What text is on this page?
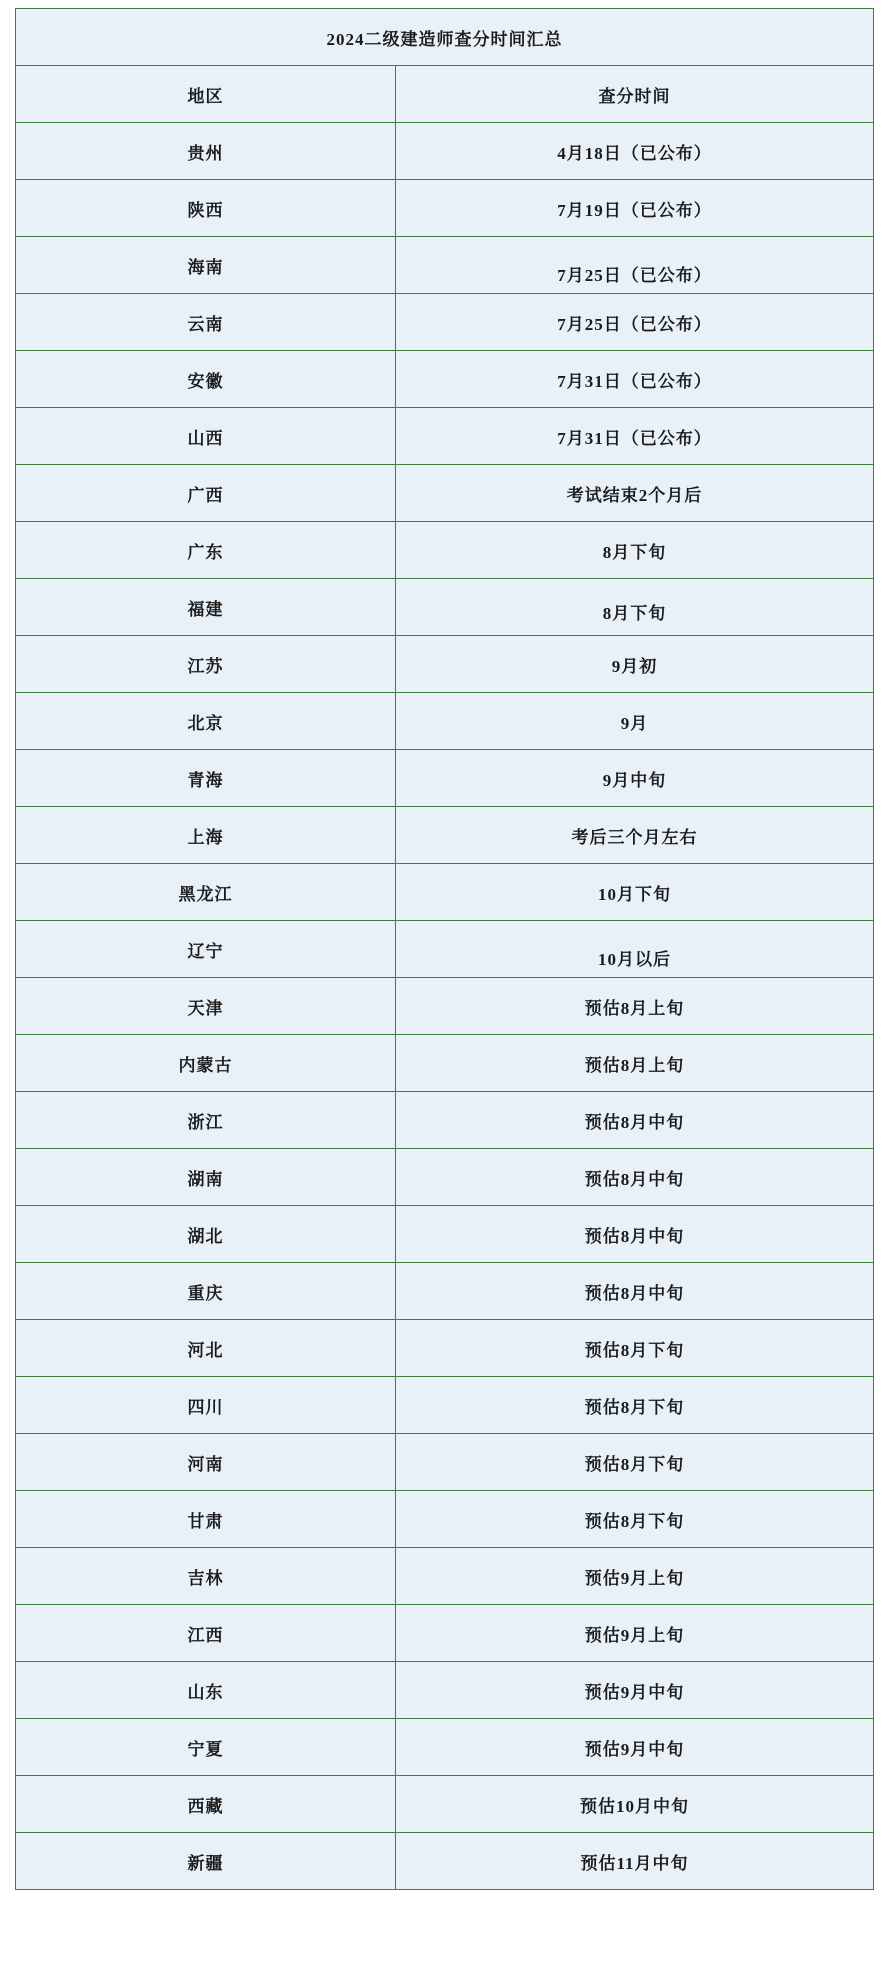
2024二级建造师查分时间汇总	
地区	查分时间
贵州	4月18日（已公布）
陕西	7月19日（已公布）
海南	7月25日（已公布）

云南	7月25日（已公布）
安徽	7月31日（已公布）
山西	7月31日（已公布）
广西	考试结束2个月后
广东	8月下旬
福建	8月下旬

江苏	9月初
北京	9月
青海	9月中旬
上海	考后三个月左右
黑龙江	10月下旬
辽宁	10月以后

天津	预估8月上旬
内蒙古	预估8月上旬
浙江	预估8月中旬
湖南	预估8月中旬
湖北	预估8月中旬
重庆	预估8月中旬
河北	预估8月下旬
四川	预估8月下旬
河南	预估8月下旬
甘肃	预估8月下旬
吉林	预估9月上旬
江西	预估9月上旬
山东	预估9月中旬
宁夏	预估9月中旬
西藏	预估10月中旬
新疆	预估11月中旬
